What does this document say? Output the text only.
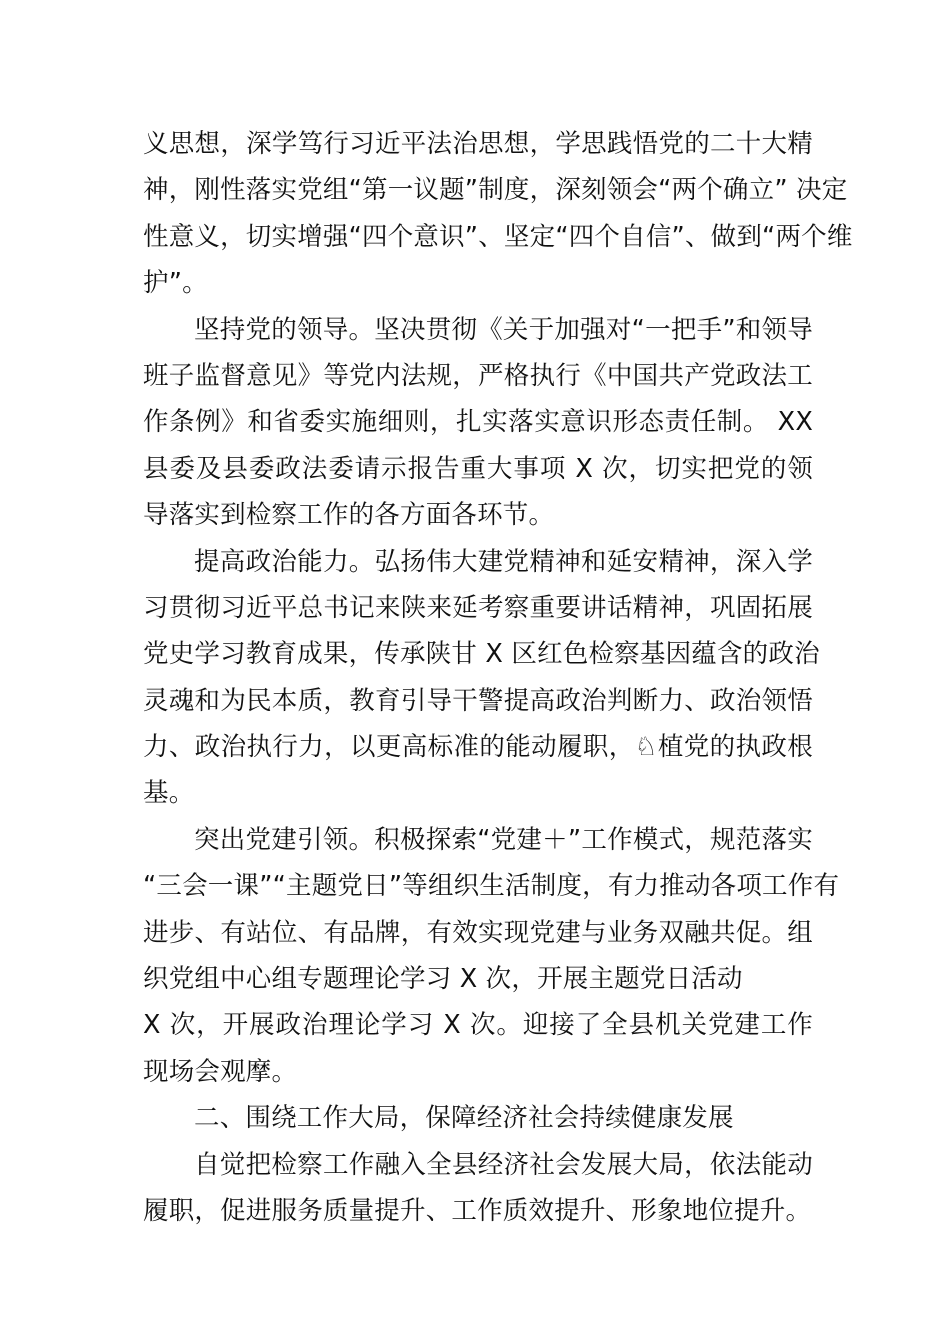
义思想，深学笃行习近平法治思想，学思践悟党的二十大精
神，刚性落实党组“第一议题”制度，深刻领会“两个确立” 决定
性意义，切实增强“四个意识”、坚定“四个自信”、做到“两个维
护”。
坚持党的领导。坚决贯彻《关于加强对“一把手”和领导
班子监督意见》等党内法规，严格执行《中国共产党政法工
作条例》和省委实施细则，扎实落实意识形态责任制。 XX
县委及县委政法委请示报告重大事项 X 次，切实把党的领
导落实到检察工作的各方面各环节。
提高政治能力。弘扬伟大建党精神和延安精神，深入学
习贯彻习近平总书记来陕来延考察重要讲话精神，巩固拓展
党史学习教育成果，传承陕甘 X 区红色检察基因蕴含的政治
灵魂和为民本质，教育引导干警提高政治判断力、政治领悟
力、政治执行力，以更高标准的能动履职，♘植党的执政根
基。
突出党建引领。积极探索“党建＋”工作模式，规范落实
“三会一课”“主题党日”等组织生活制度，有力推动各项工作有
进步、有站位、有品牌，有效实现党建与业务双融共促。组
织党组中心组专题理论学习 X 次，开展主题党日活动
X 次，开展政治理论学习 X 次。迎接了全县机关党建工作
现场会观摩。
二、围绕工作大局，保障经济社会持续健康发展
自觉把检察工作融入全县经济社会发展大局，依法能动
履职，促进服务质量提升、工作质效提升、形象地位提升。
